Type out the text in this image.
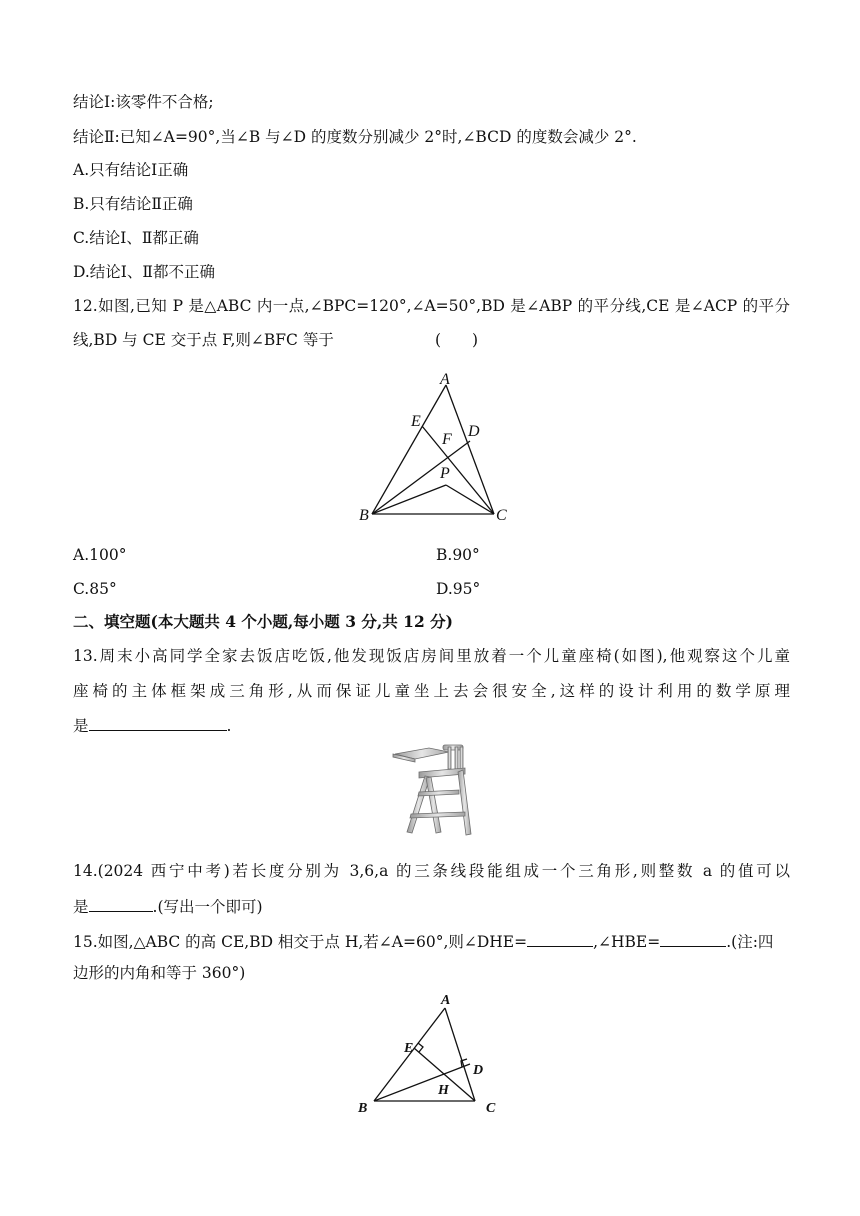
结论Ⅰ:该零件不合格;

结论Ⅱ:已知∠A=90°,当∠B 与∠D 的度数分别减少 2°时,∠BCD 的度数会减少 2°.

A.只有结论Ⅰ正确

B.只有结论Ⅱ正确

C.结论Ⅰ、Ⅱ都正确

D.结论Ⅰ、Ⅱ都不正确

12.如图,已知 P 是△ABC 内一点,∠BPC=120°,∠A=50°,BD 是∠ABP 的平分线,CE 是∠ACP 的平分

线,BD 与 CE 交于点 F,则∠BFC 等于	(　　)
A
E
F D
P
B	C

A.100°	B.90°

C.85°	D.95°

二、填空题(本大题共 4 个小题,每小题 3 分,共 12 分)

13.周末小高同学全家去饭店吃饭,他发现饭店房间里放着一个儿童座椅(如图),他观察这个儿童

座椅的主体框架成三角形,从而保证儿童坐上去会很安全,这样的设计利用的数学原理

是	.

14.(2024 西宁中考)若长度分别为 3,6,a 的三条线段能组成一个三角形,则整数 a 的值可以

是	.(写出一个即可)

15.如图,△ABC 的高 CE,BD 相交于点 H,若∠A=60°,则∠DHE=	,∠HBE=	.(注:四

边形的内角和等于 360°)

A
E
D
H
B	C
